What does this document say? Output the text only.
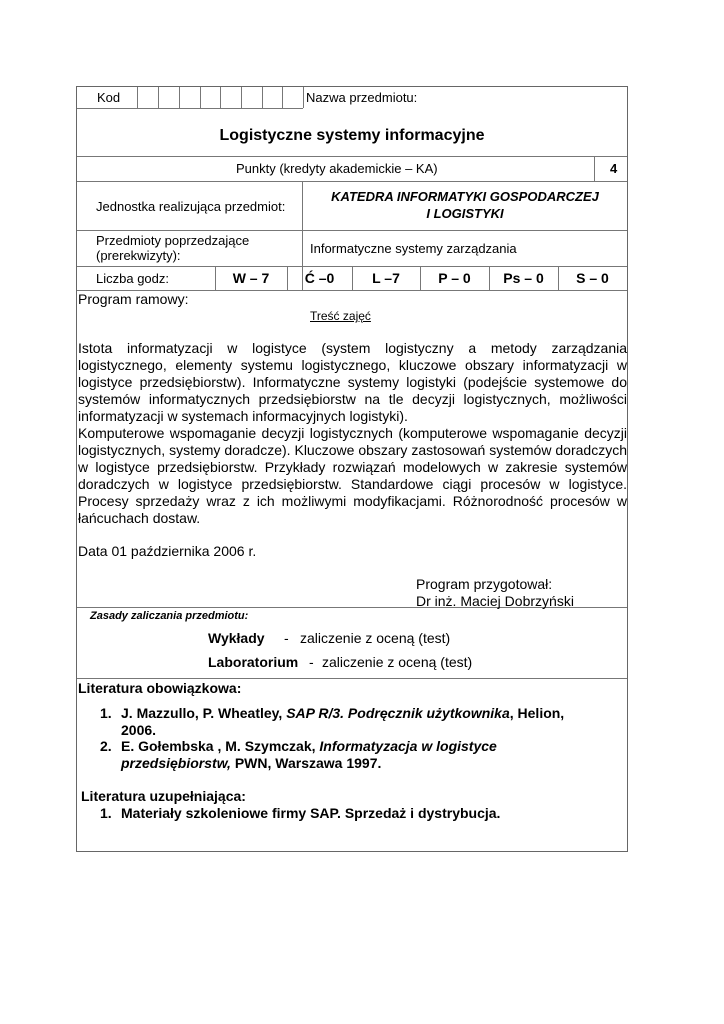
Kod	Nazwa przedmiotu:
Logistyczne systemy informacyjne
Punkty (kredyty akademickie – KA)	4
Jednostka realizująca przedmiot:
KATEDRA INFORMATYKI GOSPODARCZEJ
I LOGISTYKI
Przedmioty poprzedzające
(prerekwizyty):	Informatyczne systemy zarządzania
Liczba godz:	W – 7	Ć –0	L –7	P – 0	Ps – 0	S – 0
Program ramowy:
Treść zajęć
Istota informatyzacji w logistyce (system logistyczny a metody zarządzania logistycznego, elementy systemu logistycznego, kluczowe obszary informatyzacji w logistyce przedsiębiorstw). Informatyczne systemy logistyki (podejście systemowe do systemów informatycznych przedsiębiorstw na tle decyzji logistycznych, możliwości informatyzacji w systemach informacyjnych logistyki).
Komputerowe wspomaganie decyzji logistycznych (komputerowe wspomaganie decyzji logistycznych, systemy doradcze). Kluczowe obszary zastosowań systemów doradczych w logistyce przedsiębiorstw. Przykłady rozwiązań modelowych w zakresie systemów doradczych w logistyce przedsiębiorstw. Standardowe ciągi procesów w logistyce. Procesy sprzedaży wraz z ich możliwymi modyfikacjami. Różnorodność procesów w łańcuchach dostaw.
Data 01 października 2006 r.
Program przygotował:
Dr inż. Maciej Dobrzyński
Zasady zaliczania przedmiotu:
Wykłady - zaliczenie z oceną (test)
Laboratorium - zaliczenie z oceną (test)
Literatura obowiązkowa:
1. J. Mazzullo, P. Wheatley, SAP R/3. Podręcznik użytkownika, Helion,
2006.
2. E. Gołembska , M. Szymczak, Informatyzacja w logistyce
przedsiębiorstw, PWN, Warszawa 1997.
Literatura uzupełniająca:
1. Materiały szkoleniowe firmy SAP. Sprzedaż i dystrybucja.
